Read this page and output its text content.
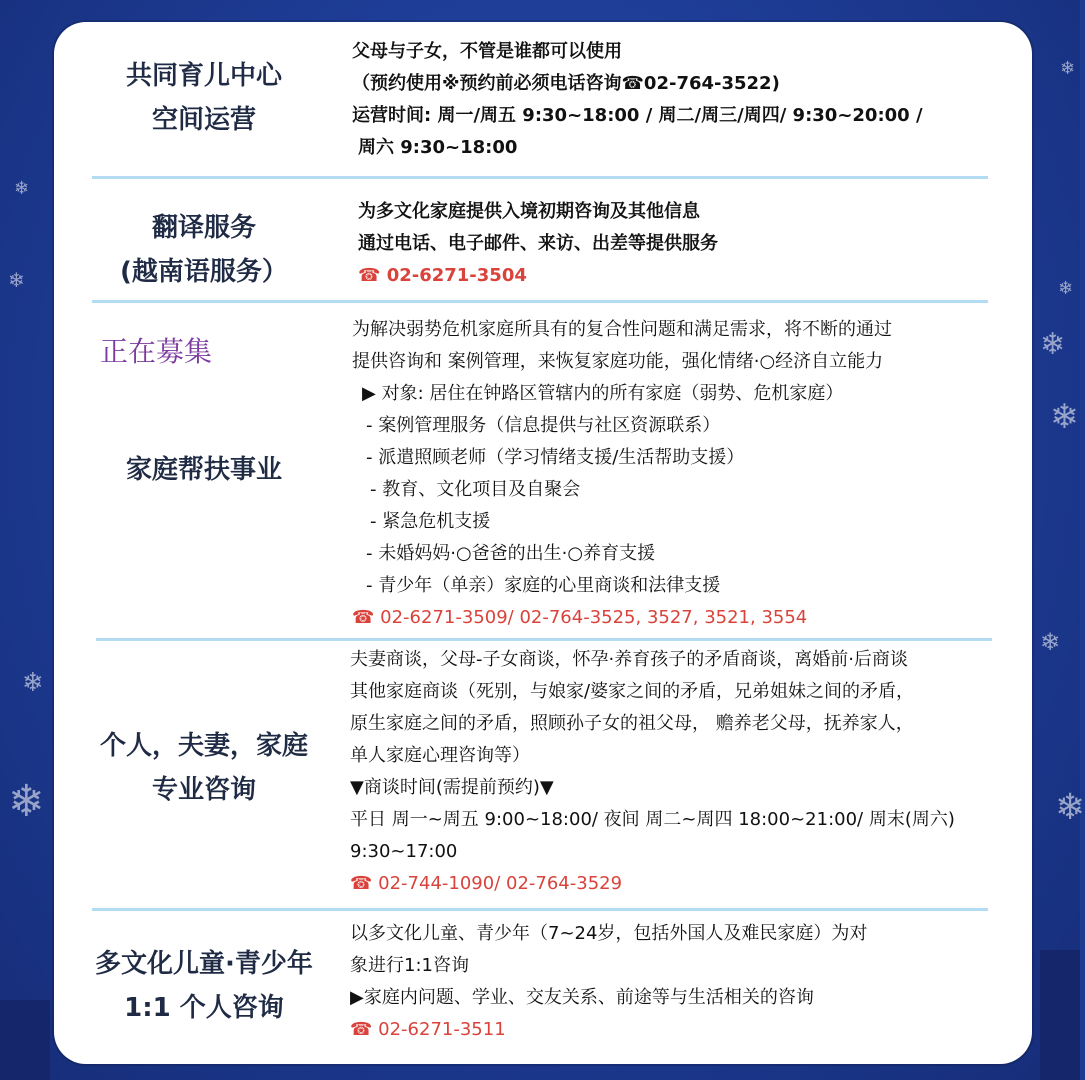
❄
❄
❄
❄
❄
❄
❄
❄
❄
❄
共同育儿中心
空间运营
父母与子女，不管是谁都可以使用
（预约使用※预约前必须电话咨询☎02-764-3522)
运营时间: 周一/周五 9:30~18:00 / 周二/周三/周四/ 9:30~20:00 /
周六 9:30~18:00
翻译服务
(越南语服务）
为多文化家庭提供入境初期咨询及其他信息
通过电话、电子邮件、来访、出差等提供服务
☎ 02-6271-3504
正在募集
家庭帮扶事业
为解决弱势危机家庭所具有的复合性问题和满足需求，将不断的通过
提供咨询和 案例管理，来恢复家庭功能，强化情绪·○经济自立能力
▶ 对象: 居住在钟路区管辖内的所有家庭（弱势、危机家庭）
- 案例管理服务（信息提供与社区资源联系）
- 派遣照顾老师（学习情绪支援/生活帮助支援）
- 教育、文化项目及自聚会
- 紧急危机支援
- 未婚妈妈·○爸爸的出生·○养育支援
- 青少年（单亲）家庭的心里商谈和法律支援
☎ 02-6271-3509/ 02-764-3525, 3527, 3521, 3554
个人，夫妻，家庭
专业咨询
夫妻商谈，父母-子女商谈，怀孕·养育孩子的矛盾商谈，离婚前·后商谈
其他家庭商谈（死别，与娘家/婆家之间的矛盾，兄弟姐妹之间的矛盾，
原生家庭之间的矛盾，照顾孙子女的祖父母， 赡养老父母，抚养家人，
单人家庭心理咨询等）
▼商谈时间(需提前预约)▼
平日 周一~周五 9:00~18:00/ 夜间 周二~周四 18:00~21:00/ 周末(周六)
9:30~17:00
☎ 02-744-1090/ 02-764-3529
多文化儿童·青少年
1:1 个人咨询
以多文化儿童、青少年（7~24岁，包括外国人及难民家庭）为对
象进行1:1咨询
▶家庭内问题、学业、交友关系、前途等与生活相关的咨询
☎ 02-6271-3511
